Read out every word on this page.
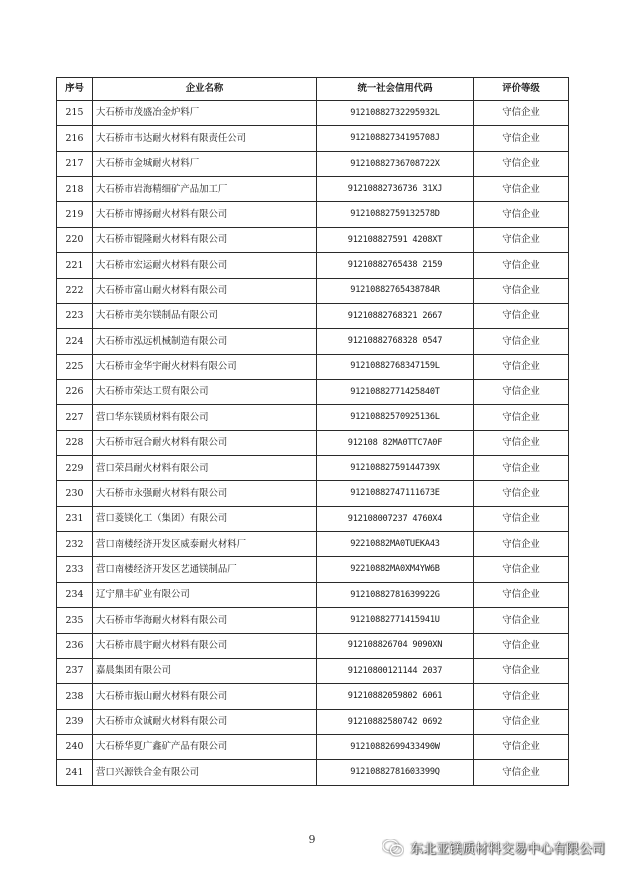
序号	企业名称	统一社会信用代码	评价等级
215	大石桥市茂盛冶金炉料厂	91210882732295932L	守信企业
216	大石桥市韦达耐火材料有限责任公司	91210882734195708J	守信企业
217	大石桥市金城耐火材料厂	91210882736708722X	守信企业
218	大石桥市岩海精细矿产品加工厂	91210882736736 31XJ	守信企业
219	大石桥市博扬耐火材料有限公司	91210882759132578D	守信企业
220	大石桥市锟隆耐火材料有限公司	912108827591 4208XT	守信企业
221	大石桥市宏运耐火材料有限公司	91210882765438 2159	守信企业
222	大石桥市富山耐火材料有限公司	91210882765438784R	守信企业
223	大石桥市美尔镁制品有限公司	91210882768321 2667	守信企业
224	大石桥市泓远机械制造有限公司	91210882768328 0547	守信企业
225	大石桥市金华宇耐火材料有限公司	91210882768347159L	守信企业
226	大石桥市荣达工贸有限公司	91210882771425840T	守信企业
227	营口华东镁质材料有限公司	91210882570925136L	守信企业
228	大石桥市冠合耐火材料有限公司	912108 82MA0TTC7A0F	守信企业
229	营口荣昌耐火材料有限公司	91210882759144739X	守信企业
230	大石桥市永强耐火材料有限公司	91210882747111673E	守信企业
231	营口菱镁化工（集团）有限公司	912108007237 4760X4	守信企业
232	营口南楼经济开发区威泰耐火材料厂	92210882MA0TUEKA43	守信企业
233	营口南楼经济开发区艺通镁制品厂	92210882MA0XM4YW6B	守信企业
234	辽宁鼎丰矿业有限公司	91210882781639922G	守信企业
235	大石桥市华海耐火材料有限公司	91210882771415941U	守信企业
236	大石桥市晨宇耐火材料有限公司	912108826704 9090XN	守信企业
237	嘉晨集团有限公司	91210800121144 2037	守信企业
238	大石桥市振山耐火材料有限公司	91210882059802 6061	守信企业
239	大石桥市众诚耐火材料有限公司	91210882580742 0692	守信企业
240	大石桥华夏广鑫矿产品有限公司	91210882699433490W	守信企业
241	营口兴源铁合金有限公司	91210882781603399Q	守信企业
9
东北亚镁质材料交易中心有限公司
